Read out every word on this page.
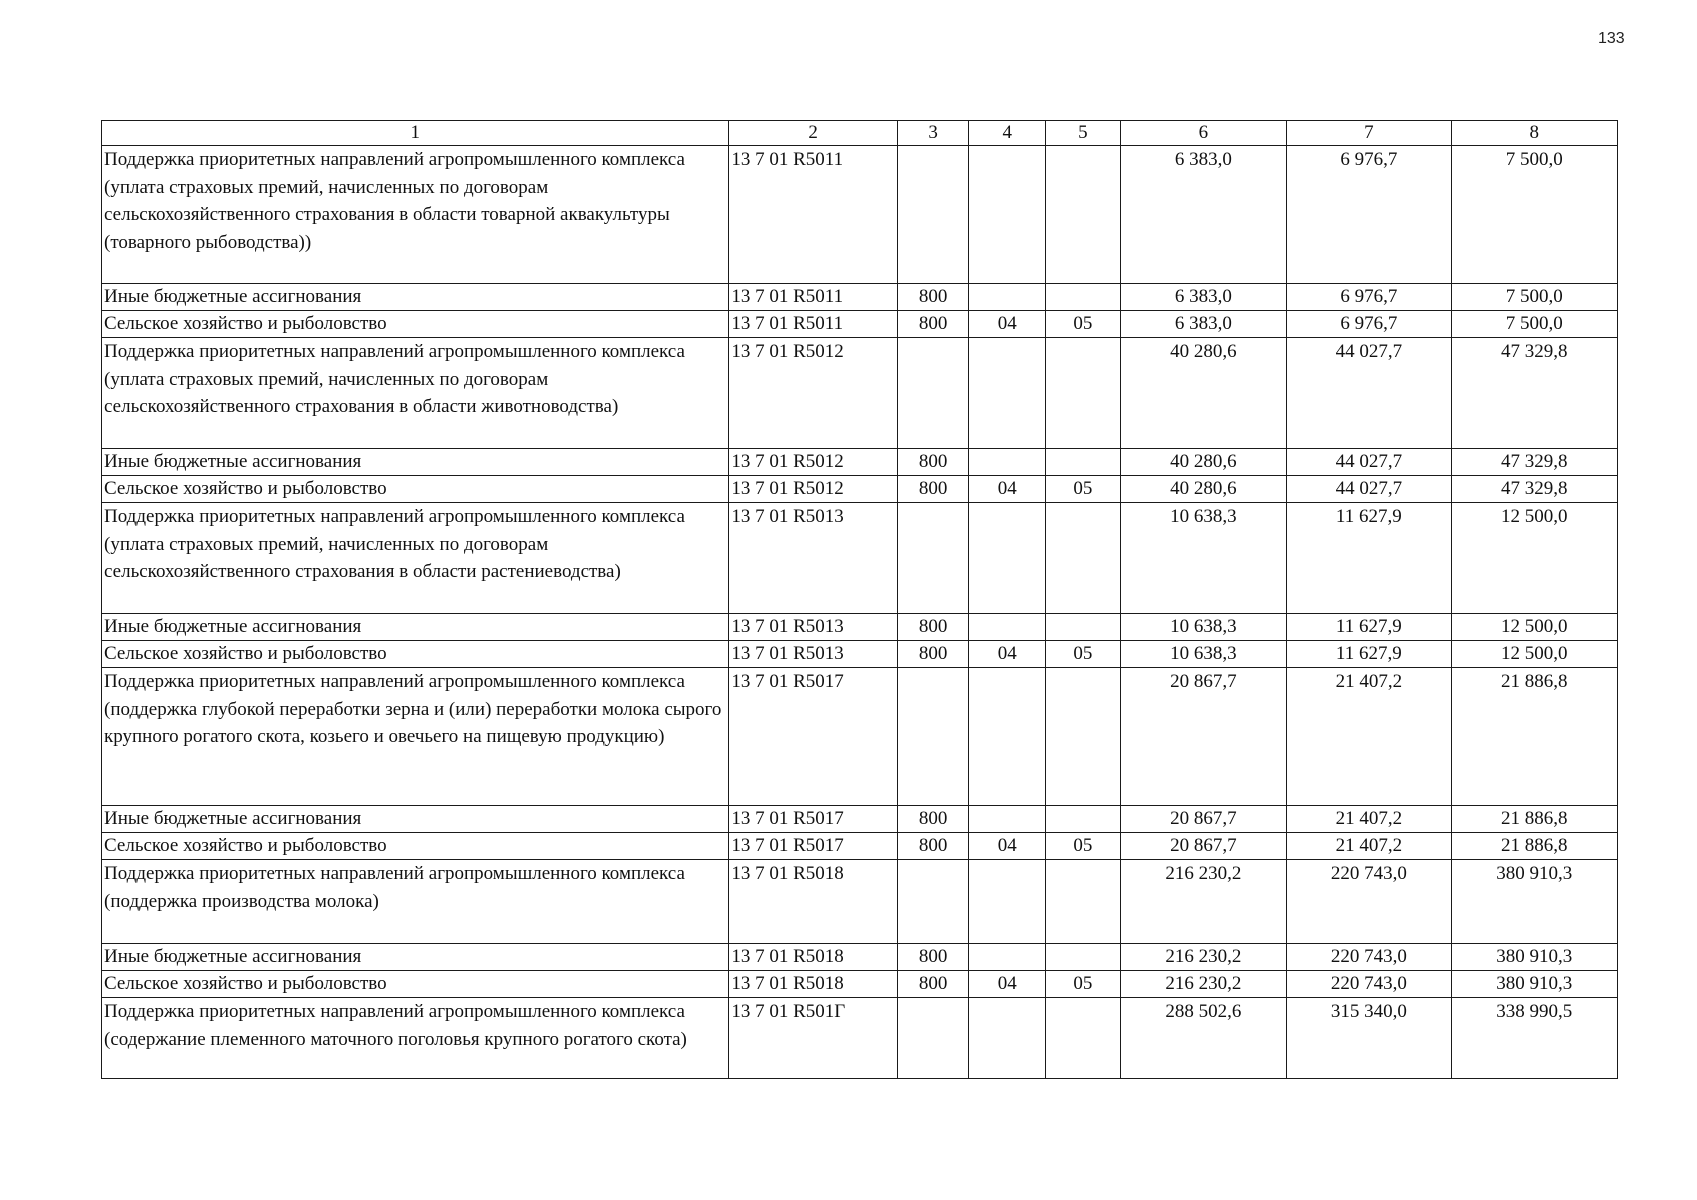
133
1	2	3	4	5	6	7	8
Поддержка приоритетных направлений агропромышленного комплекса (уплата страховых премий, начисленных по договорам сельскохозяйственного страхования в области товарной аквакультуры (товарного рыбоводства))	13 7 01 R5011				6 383,0	6 976,7	7 500,0
Иные бюджетные ассигнования	13 7 01 R5011	800			6 383,0	6 976,7	7 500,0
Сельское хозяйство и рыболовство	13 7 01 R5011	800	04	05	6 383,0	6 976,7	7 500,0
Поддержка приоритетных направлений агропромышленного комплекса (уплата страховых премий, начисленных по договорам сельскохозяйственного страхования в области животноводства)	13 7 01 R5012				40 280,6	44 027,7	47 329,8
Иные бюджетные ассигнования	13 7 01 R5012	800			40 280,6	44 027,7	47 329,8
Сельское хозяйство и рыболовство	13 7 01 R5012	800	04	05	40 280,6	44 027,7	47 329,8
Поддержка приоритетных направлений агропромышленного комплекса (уплата страховых премий, начисленных по договорам сельскохозяйственного страхования в области растениеводства)	13 7 01 R5013				10 638,3	11 627,9	12 500,0
Иные бюджетные ассигнования	13 7 01 R5013	800			10 638,3	11 627,9	12 500,0
Сельское хозяйство и рыболовство	13 7 01 R5013	800	04	05	10 638,3	11 627,9	12 500,0
Поддержка приоритетных направлений агропромышленного комплекса (поддержка глубокой переработки зерна и (или) переработки молока сырого крупного рогатого скота, козьего и овечьего на пищевую продукцию)	13 7 01 R5017				20 867,7	21 407,2	21 886,8
Иные бюджетные ассигнования	13 7 01 R5017	800			20 867,7	21 407,2	21 886,8
Сельское хозяйство и рыболовство	13 7 01 R5017	800	04	05	20 867,7	21 407,2	21 886,8
Поддержка приоритетных направлений агропромышленного комплекса (поддержка производства молока)	13 7 01 R5018				216 230,2	220 743,0	380 910,3
Иные бюджетные ассигнования	13 7 01 R5018	800			216 230,2	220 743,0	380 910,3
Сельское хозяйство и рыболовство	13 7 01 R5018	800	04	05	216 230,2	220 743,0	380 910,3
Поддержка приоритетных направлений агропромышленного комплекса (содержание племенного маточного поголовья крупного рогатого скота)	13 7 01 R501Г				288 502,6	315 340,0	338 990,5
